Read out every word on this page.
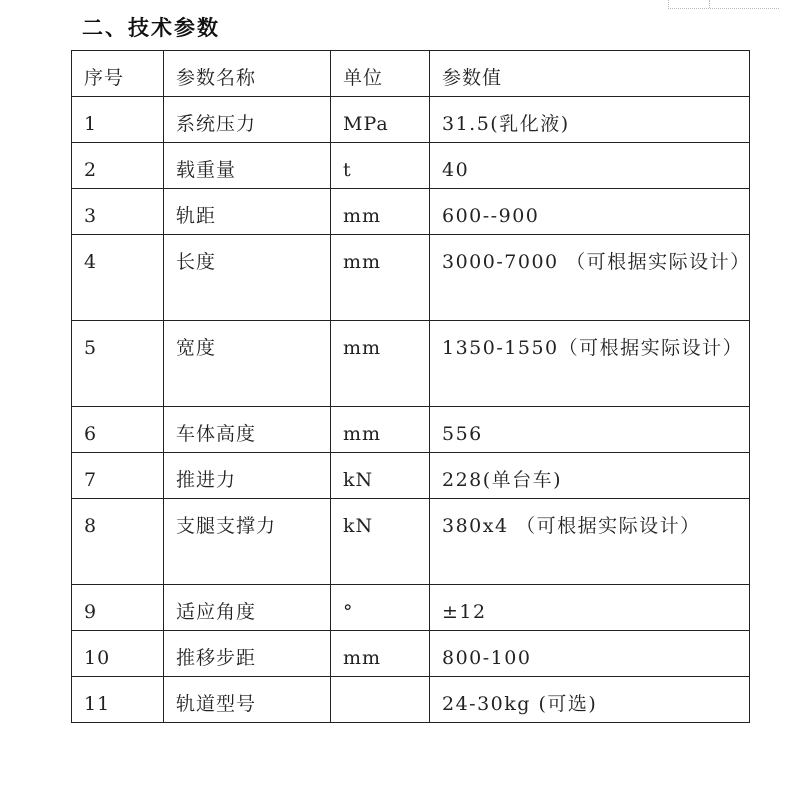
二、技术参数
序号	参数名称	单位	参数值
1	系统压力	MPa	31.5(乳化液)
2	载重量	t	40
3	轨距	mm	600--900
4	长度	mm	3000-7000 （可根据实际设计）
5	宽度	mm	1350-1550（可根据实际设计）
6	车体高度	mm	556
7	推进力	kN	228(单台车)
8	支腿支撑力	kN	380x4 （可根据实际设计）
9	适应角度	°	±12
10	推移步距	mm	800-100
11	轨道型号		24-30kg (可选)
